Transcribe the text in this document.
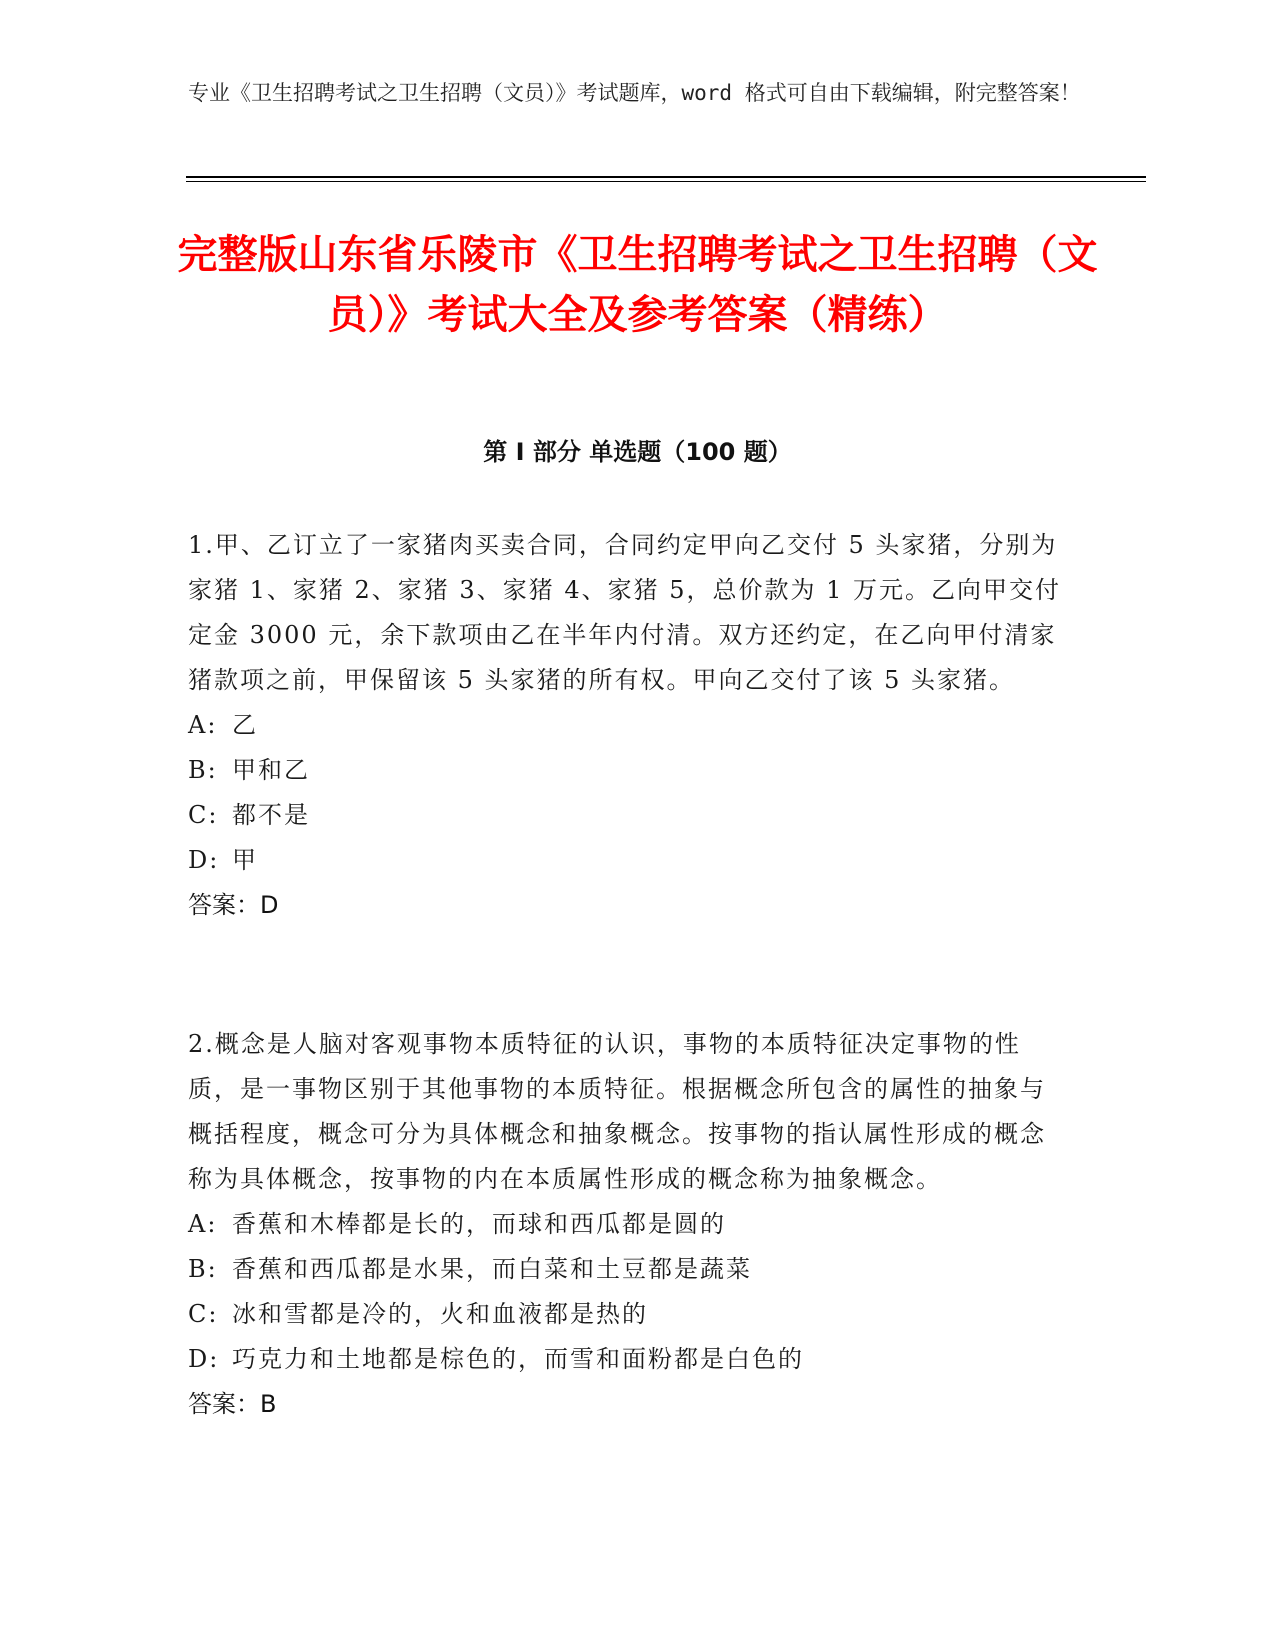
专业《卫生招聘考试之卫生招聘（文员）》考试题库，word 格式可自由下载编辑，附完整答案！
完整版山东省乐陵市《卫生招聘考试之卫生招聘（文员）》考试大全及参考答案（精练）
第 I 部分 单选题（100 题）

1.甲、乙订立了一家猪肉买卖合同，合同约定甲向乙交付 5 头家猪，分别为家猪 1、家猪 2、家猪 3、家猪 4、家猪 5，总价款为 1 万元。乙向甲交付定金 3000 元，余下款项由乙在半年内付清。双方还约定，在乙向甲付清家猪款项之前，甲保留该 5 头家猪的所有权。甲向乙交付了该 5 头家猪。

A: 乙

B: 甲和乙

C: 都不是

D: 甲

答案：D

2.概念是人脑对客观事物本质特征的认识，事物的本质特征决定事物的性质，是一事物区别于其他事物的本质特征。根据概念所包含的属性的抽象与概括程度，概念可分为具体概念和抽象概念。按事物的指认属性形成的概念称为具体概念，按事物的内在本质属性形成的概念称为抽象概念。

A: 香蕉和木棒都是长的，而球和西瓜都是圆的

B: 香蕉和西瓜都是水果，而白菜和土豆都是蔬菜

C: 冰和雪都是冷的，火和血液都是热的

D: 巧克力和土地都是棕色的，而雪和面粉都是白色的

答案：B
